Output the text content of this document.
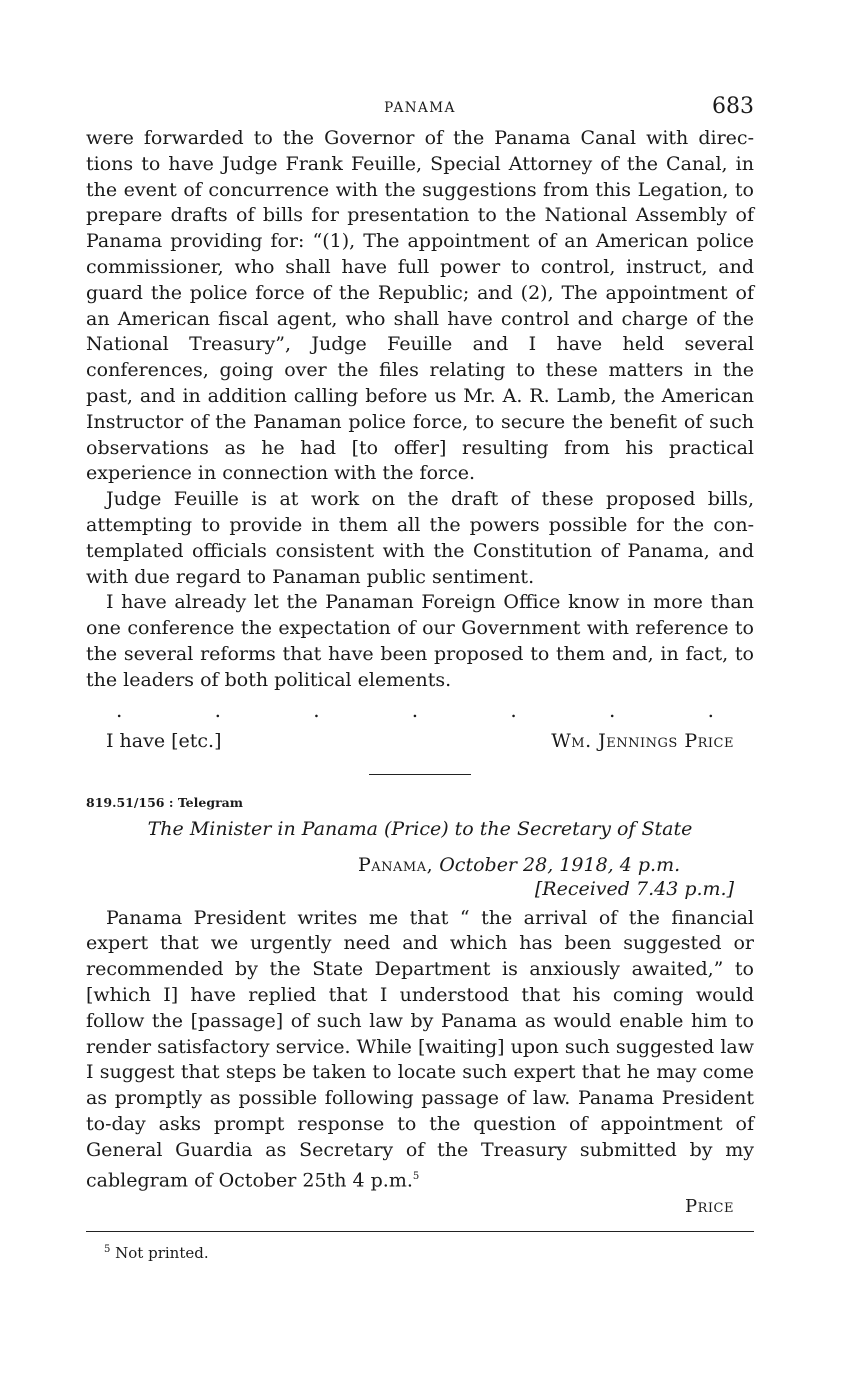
PANAMA	683

were forwarded to the Governor of the Panama Canal with directions to have Judge Frank Feuille, Special Attorney of the Canal, in the event of concurrence with the suggestions from this Legation, to prepare drafts of bills for presentation to the National Assembly of Panama providing for: “(1), The appointment of an American police commissioner, who shall have full power to control, instruct, and guard the police force of the Republic; and (2), The appointment of an American fiscal agent, who shall have control and charge of the National Treasury”, Judge Feuille and I have held several conferences, going over the files relating to these matters in the past, and in addition calling before us Mr. A. R. Lamb, the American Instructor of the Panaman police force, to secure the benefit of such observations as he had [to offer] resulting from his practical experience in connection with the force.

Judge Feuille is at work on the draft of these proposed bills, attempting to provide in them all the powers possible for the contemplated officials consistent with the Constitution of Panama, and with due regard to Panaman public sentiment.

I have already let the Panaman Foreign Office know in more than one conference the expectation of our Government with reference to the several reforms that have been proposed to them and, in fact, to the leaders of both political elements.

.	.	.	.	.	.	.
I have [etc.]	Wm. Jennings Price
819.51/156 : Telegram
The Minister in Panama (Price) to the Secretary of State
Panama, October 28, 1918, 4 p.m.
[Received 7.43 p.m.]

Panama President writes me that “ the arrival of the financial expert that we urgently need and which has been suggested or recommended by the State Department is anxiously awaited,” to [which I] have replied that I understood that his coming would follow the [passage] of such law by Panama as would enable him to render satisfactory service. While [waiting] upon such suggested law I suggest that steps be taken to locate such expert that he may come as promptly as possible following passage of law. Panama President to-day asks prompt response to the question of appointment of General Guardia as Secretary of the Treasury submitted by my cablegram of October 25th 4 p.m.$^5$

Price
$^5$ Not printed.
